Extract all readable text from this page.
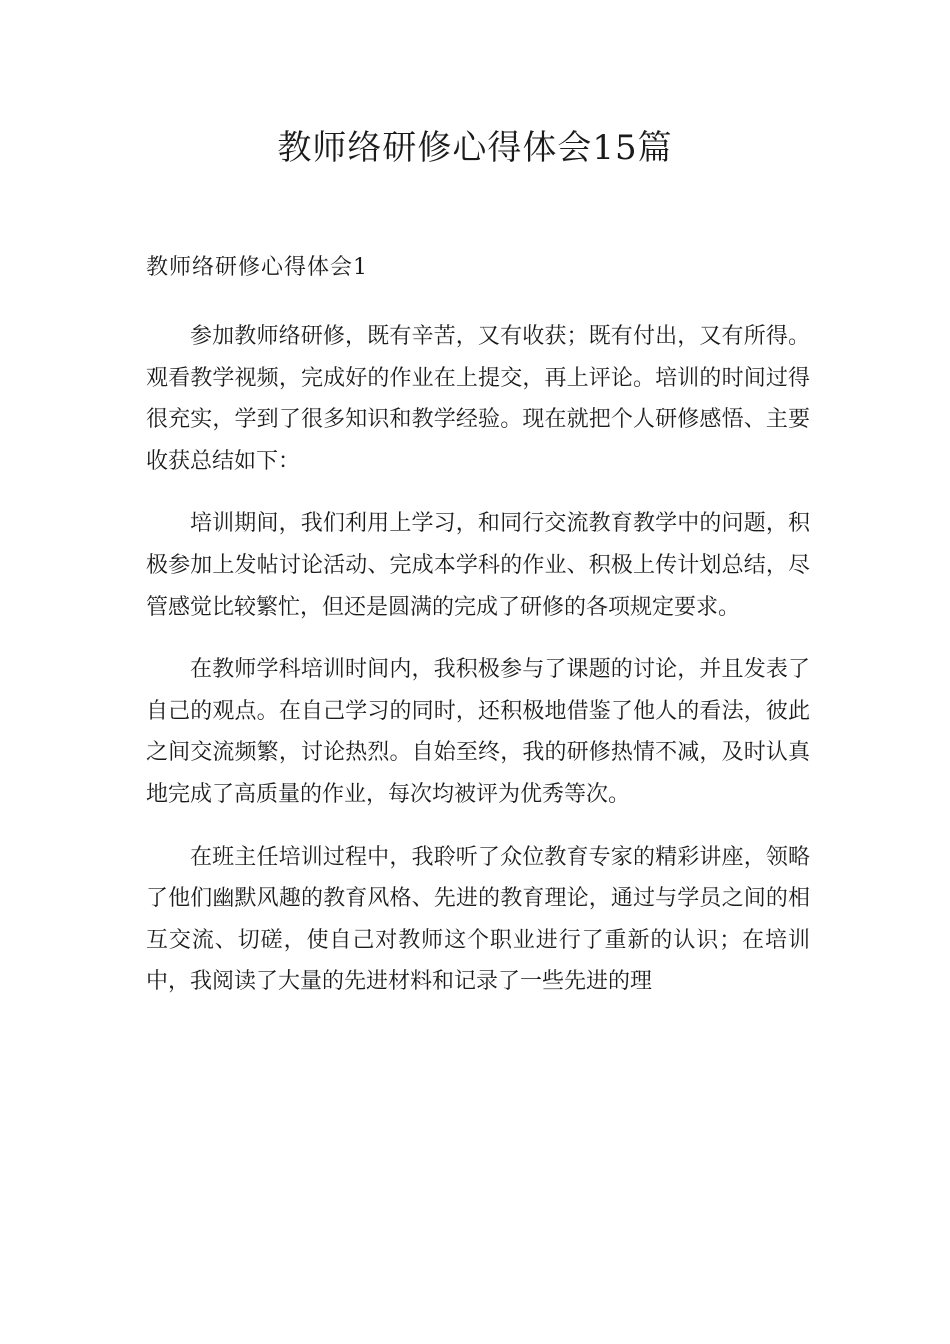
教师络研修心得体会15篇
教师络研修心得体会1

参加教师络研修，既有辛苦，又有收获；既有付出，又有所得。观看教学视频，完成好的作业在上提交，再上评论。培训的时间过得很充实，学到了很多知识和教学经验。现在就把个人研修感悟、主要收获总结如下：

培训期间，我们利用上学习，和同行交流教育教学中的问题，积极参加上发帖讨论活动、完成本学科的作业、积极上传计划总结，尽管感觉比较繁忙，但还是圆满的完成了研修的各项规定要求。

在教师学科培训时间内，我积极参与了课题的讨论，并且发表了自己的观点。在自己学习的同时，还积极地借鉴了他人的看法，彼此之间交流频繁，讨论热烈。自始至终，我的研修热情不减，及时认真地完成了高质量的作业，每次均被评为优秀等次。

在班主任培训过程中，我聆听了众位教育专家的精彩讲座，领略了他们幽默风趣的教育风格、先进的教育理论，通过与学员之间的相互交流、切磋，使自己对教师这个职业进行了重新的认识；在培训中，我阅读了大量的先进材料和记录了一些先进的理
